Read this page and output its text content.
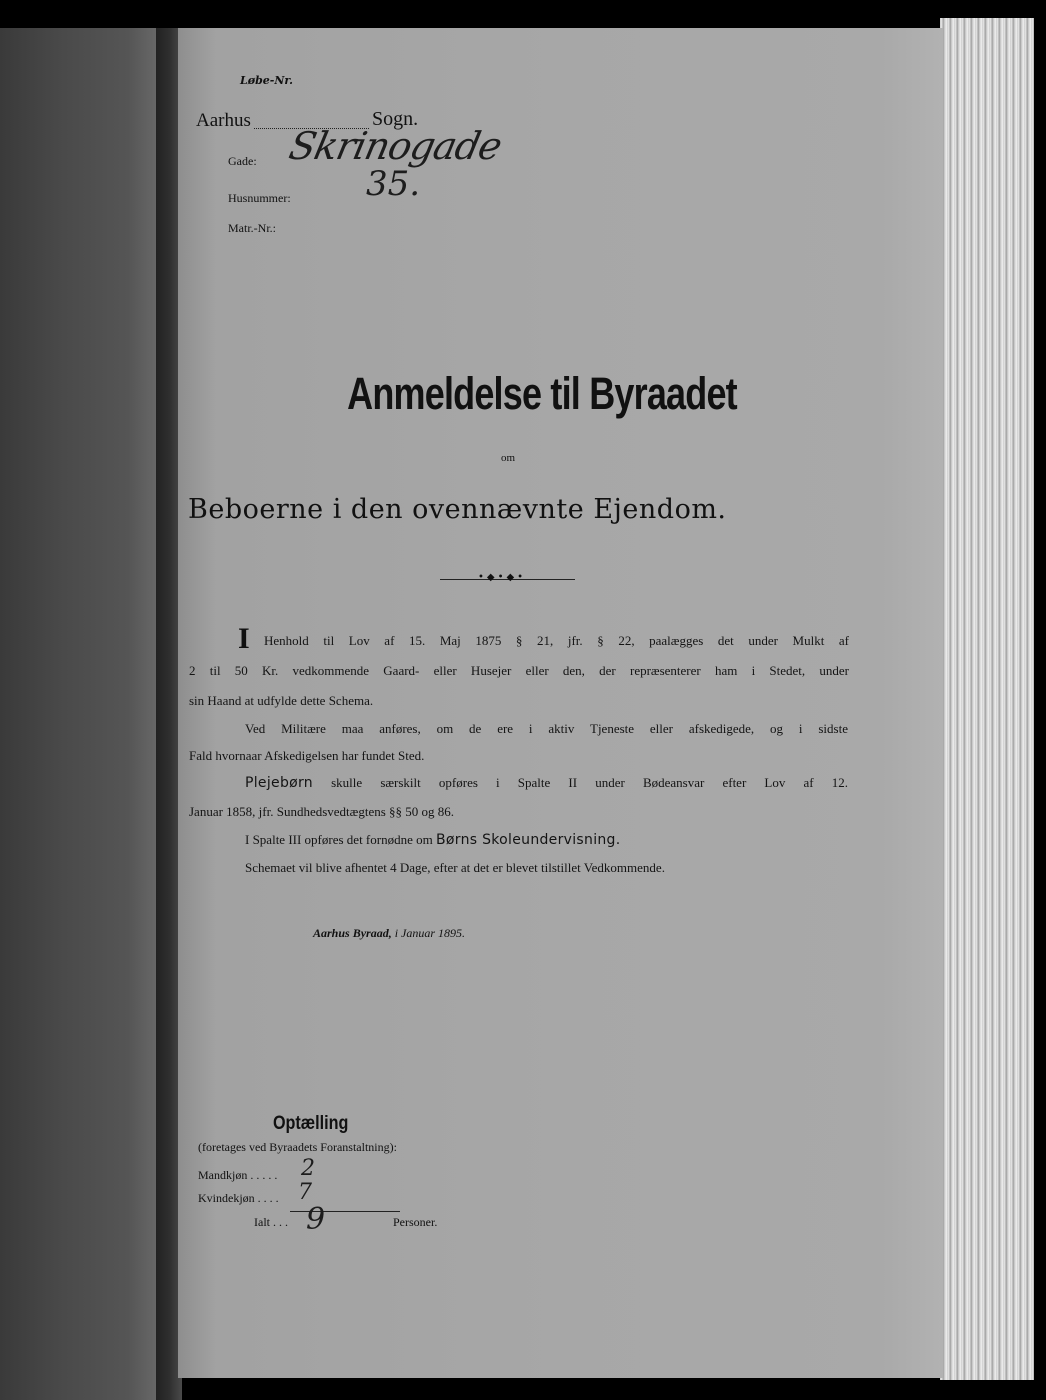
Løbe-Nr.
Aarhus	Sogn.
Gade: Skrinogade
Husnummer: 35.
Matr.-Nr.:
Anmeldelse til Byraadet
om
Beboerne i den ovennævnte Ejendom.
•◆•◆•
I Henhold til Lov af 15. Maj 1875 § 21, jfr. § 22, paalægges det under Mulkt af
2 til 50 Kr. vedkommende Gaard- eller Husejer eller den, der repræsenterer ham i Stedet, under
sin Haand at udfylde dette Schema.
Ved Militære maa anføres, om de ere i aktiv Tjeneste eller afskedigede, og i sidste
Fald hvornaar Afskedigelsen har fundet Sted.
Plejebørn skulle særskilt opføres i Spalte II under Bødeansvar efter Lov af 12.
Januar 1858, jfr. Sundhedsvedtægtens §§ 50 og 86.
I Spalte III opføres det fornødne om Børns Skoleundervisning.
Schemaet vil blive afhentet 4 Dage, efter at det er blevet tilstillet Vedkommende.
Aarhus Byraad, i Januar 1895.
Optælling
(foretages ved Byraadets Foranstaltning):
Mandkjøn . . . . . 2
Kvindekjøn . . . . 7
Ialt . . . 9	Personer.
